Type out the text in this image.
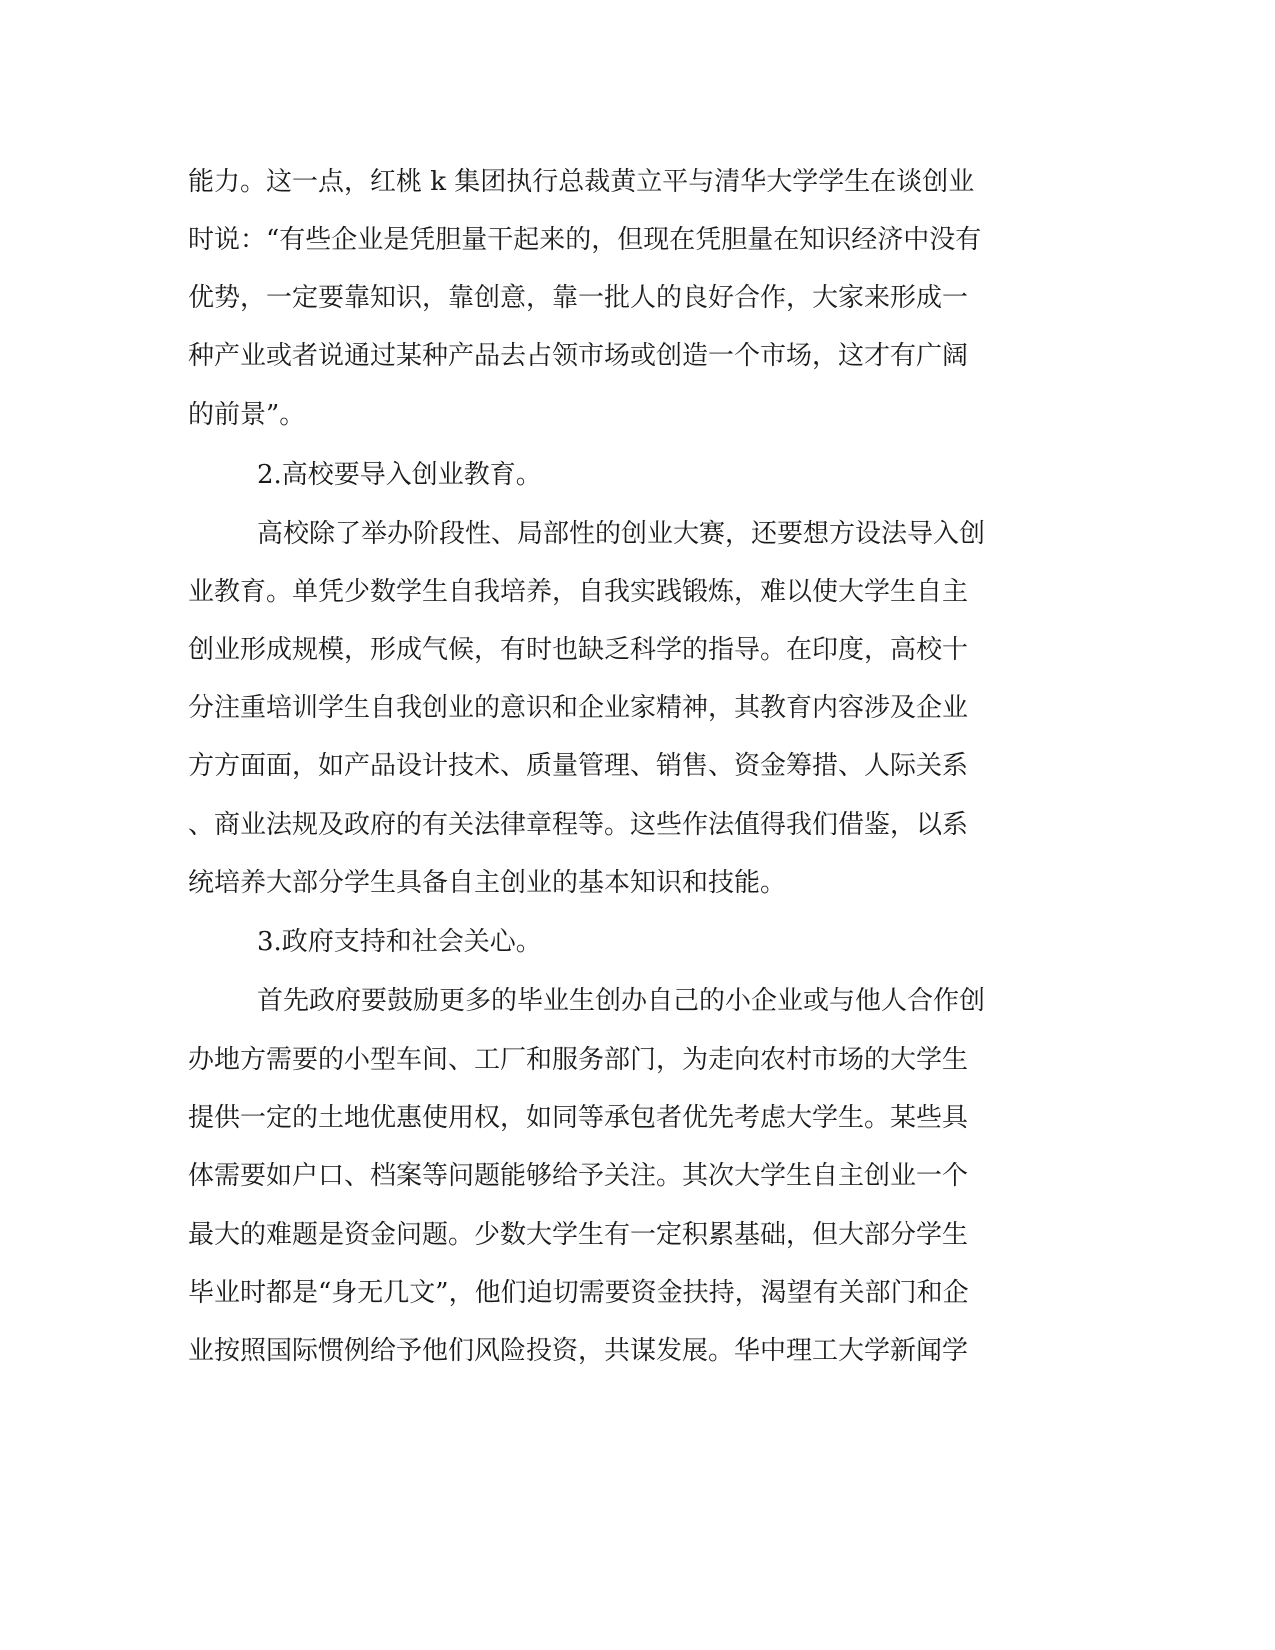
能力。这一点，红桃 k 集团执行总裁黄立平与清华大学学生在谈创业

时说：“有些企业是凭胆量干起来的，但现在凭胆量在知识经济中没有

优势，一定要靠知识，靠创意，靠一批人的良好合作，大家来形成一

种产业或者说通过某种产品去占领市场或创造一个市场，这才有广阔

的前景”。

2.高校要导入创业教育。

高校除了举办阶段性、局部性的创业大赛，还要想方设法导入创

业教育。单凭少数学生自我培养，自我实践锻炼，难以使大学生自主

创业形成规模，形成气候，有时也缺乏科学的指导。在印度，高校十

分注重培训学生自我创业的意识和企业家精神，其教育内容涉及企业

方方面面，如产品设计技术、质量管理、销售、资金筹措、人际关系

、商业法规及政府的有关法律章程等。这些作法值得我们借鉴，以系

统培养大部分学生具备自主创业的基本知识和技能。

3.政府支持和社会关心。

首先政府要鼓励更多的毕业生创办自己的小企业或与他人合作创

办地方需要的小型车间、工厂和服务部门，为走向农村市场的大学生

提供一定的土地优惠使用权，如同等承包者优先考虑大学生。某些具

体需要如户口、档案等问题能够给予关注。其次大学生自主创业一个

最大的难题是资金问题。少数大学生有一定积累基础，但大部分学生

毕业时都是“身无几文”，他们迫切需要资金扶持，渴望有关部门和企

业按照国际惯例给予他们风险投资，共谋发展。华中理工大学新闻学
